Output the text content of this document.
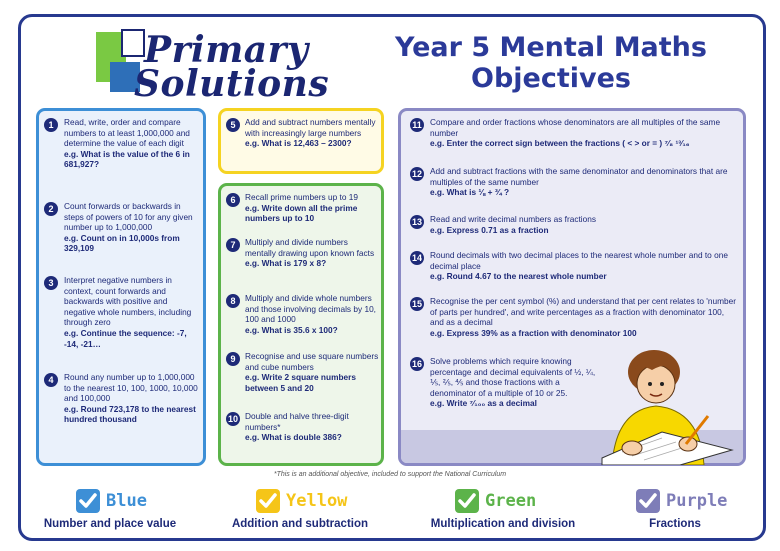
Primary
Solutions
Year 5 Mental Maths
Objectives
1	Read, write, order and compare numbers to at least 1,000,000 and determine the value of each digit
e.g. What is the value of the 6 in 681,927?
2	Count forwards or backwards in steps of powers of 10 for any given number up to 1,000,000
e.g. Count on in 10,000s from 329,109
3	Interpret negative numbers in context, count forwards and backwards with positive and negative whole numbers, including through zero
e.g. Continue the sequence: -7, -14, -21…
4	Round any number up to 1,000,000 to the nearest 10, 100, 1000, 10,000 and 100,000
e.g. Round 723,178 to the nearest hundred thousand
5	Add and subtract numbers mentally with increasingly large numbers
e.g. What is 12,463 – 2300?
6	Recall prime numbers up to 19
e.g. Write down all the prime numbers up to 10
7	Multiply and divide numbers mentally drawing upon known facts
e.g. What is 179 x 8?
8	Multiply and divide whole numbers and those involving decimals by 10, 100 and 1000
e.g. What is 35.6 x 100?
9	Recognise and use square numbers and cube numbers
e.g. Write 2 square numbers between 5 and 20
10 Double and halve three-digit numbers*
e.g. What is double 386?
11 Compare and order fractions whose denominators are all multiples of the same number
e.g. Enter the correct sign between the fractions ( < > or = ) ⁷⁄₈ ¹³⁄₁₆
12 Add and subtract fractions with the same denominator and denominators that are multiples of the same number
e.g. What is ⅛ + ¾ ?
13 Read and write decimal numbers as fractions
e.g. Express 0.71 as a fraction
14 Round decimals with two decimal places to the nearest whole number and to one decimal place
e.g. Round 4.67 to the nearest whole number
15 Recognise the per cent symbol (%) and understand that per cent relates to 'number of parts per hundred', and write percentages as a fraction with denominator 100, and as a decimal
e.g. Express 39% as a fraction with denominator 100
16 Solve problems which require knowing percentage and decimal equivalents of ½, ¼, ⅕, ⅖, ⅘ and those fractions with a denominator of a multiple of 10 or 25.
e.g. Write ⁷⁄₁₀₀ as a decimal
*This is an additional objective, included to support the National Curriculum
Blue
Number and place value
Yellow
Addition and subtraction
Green
Multiplication and division
Purple
Fractions
